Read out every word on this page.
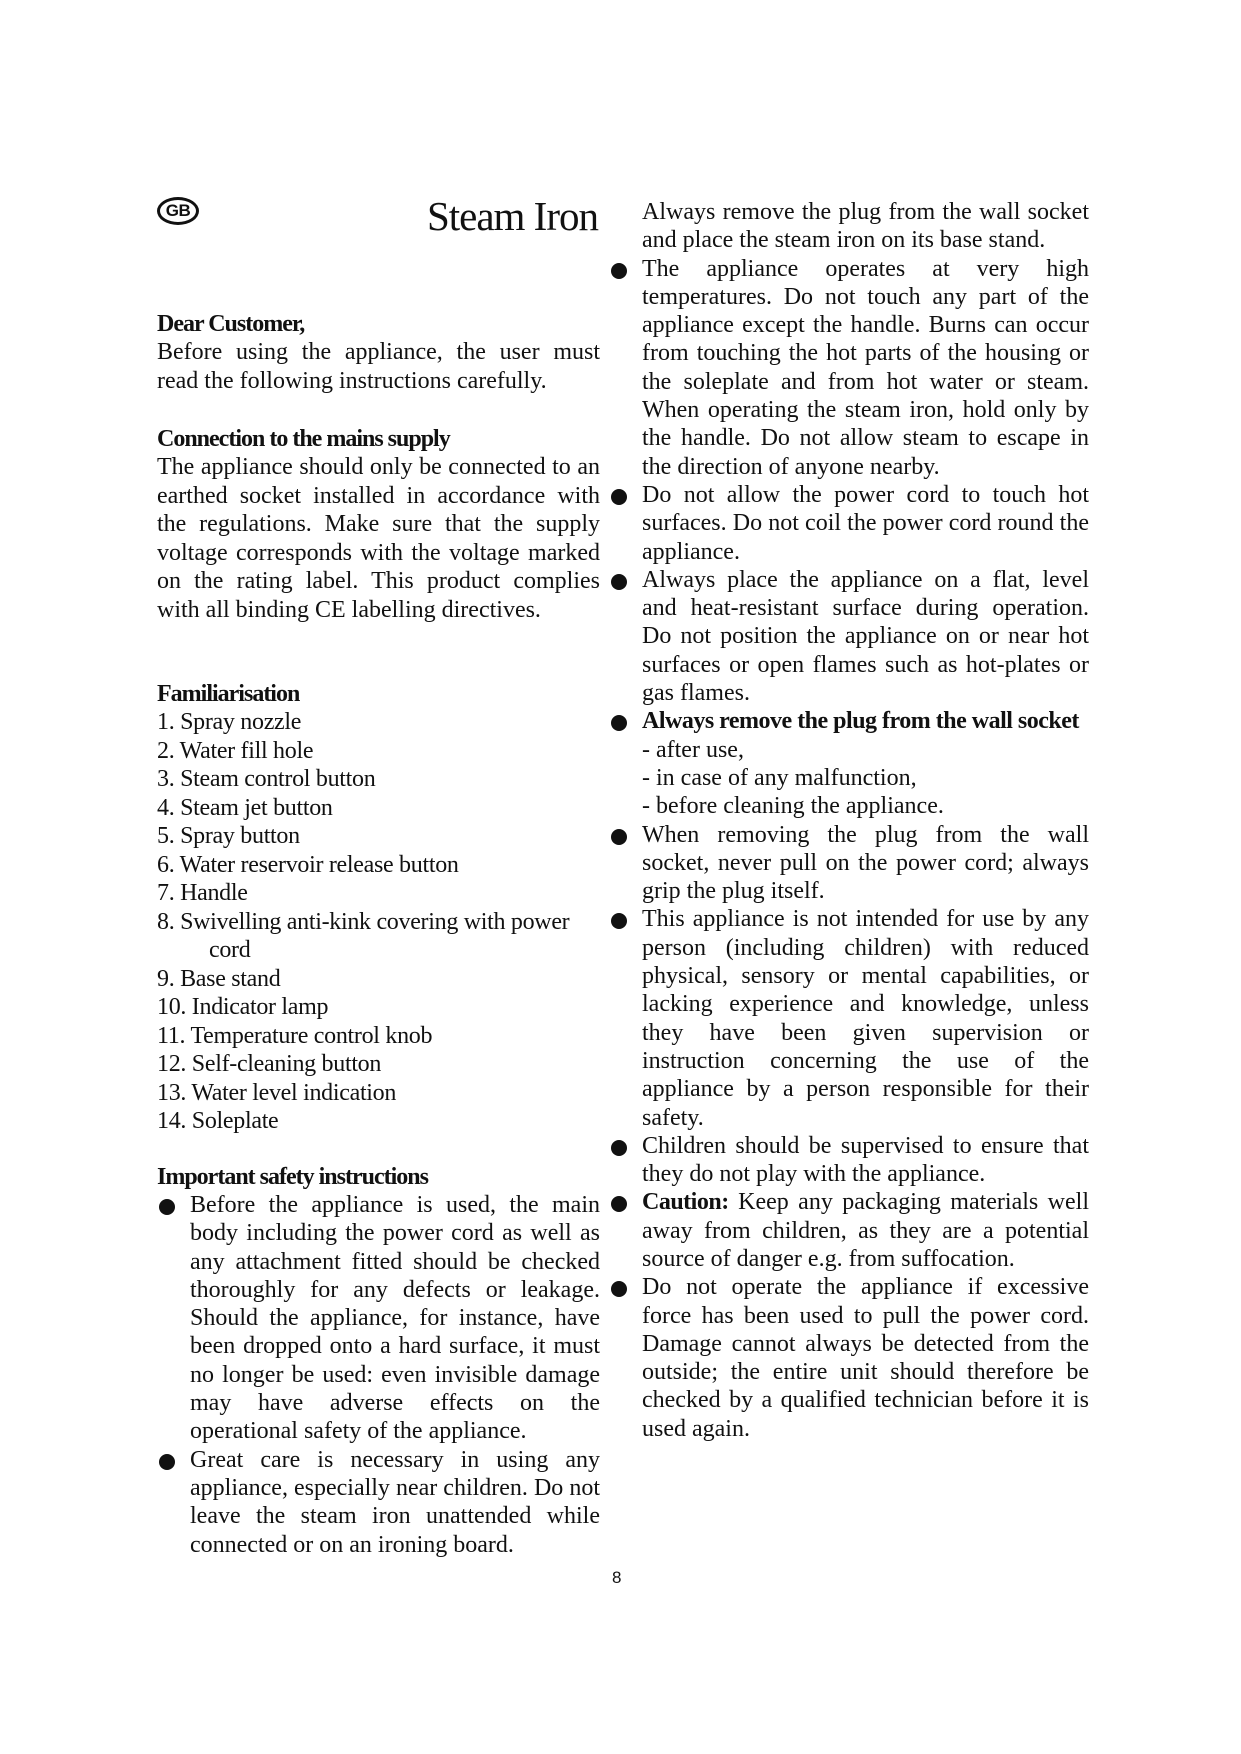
GB	Steam Iron

Dear Customer,

Before using the appliance, the user must read the following instructions carefully.

Connection to the mains supply

The appliance should only be connected to an earthed socket installed in accordance with the regulations. Make sure that the supply voltage corresponds with the voltage marked on the rating label. This product complies with all binding CE labelling directives.

Familiarisation

1. Spray nozzle
2. Water fill hole
3. Steam control button
4. Steam jet button
5. Spray button
6. Water reservoir release button
7. Handle
8. Swivelling anti-kink covering with power cord
9. Base stand
10. Indicator lamp
11. Temperature control knob
12. Self-cleaning button
13. Water level indication
14. Soleplate

Important safety instructions

Before the appliance is used, the main body including the power cord as well as any attachment fitted should be checked thoroughly for any defects or leakage. Should the appliance, for instance, have been dropped onto a hard surface, it must no longer be used: even invisible damage may have adverse effects on the operational safety of the appliance.
Great care is necessary in using any appliance, especially near children. Do not leave the steam iron unattended while connected or on an ironing board.

Always remove the plug from the wall socket and place the steam iron on its base stand.

The appliance operates at very high temperatures. Do not touch any part of the appliance except the handle. Burns can occur from touching the hot parts of the housing or the soleplate and from hot water or steam. When operating the steam iron, hold only by the handle. Do not allow steam to escape in the direction of anyone nearby.
Do not allow the power cord to touch hot surfaces. Do not coil the power cord round the appliance.
Always place the appliance on a flat, level and heat-resistant surface during operation. Do not position the appliance on or near hot surfaces or open flames such as hot-plates or gas flames.
Always remove the plug from the wall socket
- after use,
- in case of any malfunction,
- before cleaning the appliance.
When removing the plug from the wall socket, never pull on the power cord; always grip the plug itself.
This appliance is not intended for use by any person (including children) with reduced physical, sensory or mental capabilities, or lacking experience and knowledge, unless they have been given supervision or instruction concerning the use of the appliance by a person responsible for their safety.
Children should be supervised to ensure that they do not play with the appliance.
Caution: Keep any packaging materials well away from children, as they are a potential source of danger e.g. from suffocation.
Do not operate the appliance if excessive force has been used to pull the power cord. Damage cannot always be detected from the outside; the entire unit should therefore be checked by a qualified technician before it is used again.
8
